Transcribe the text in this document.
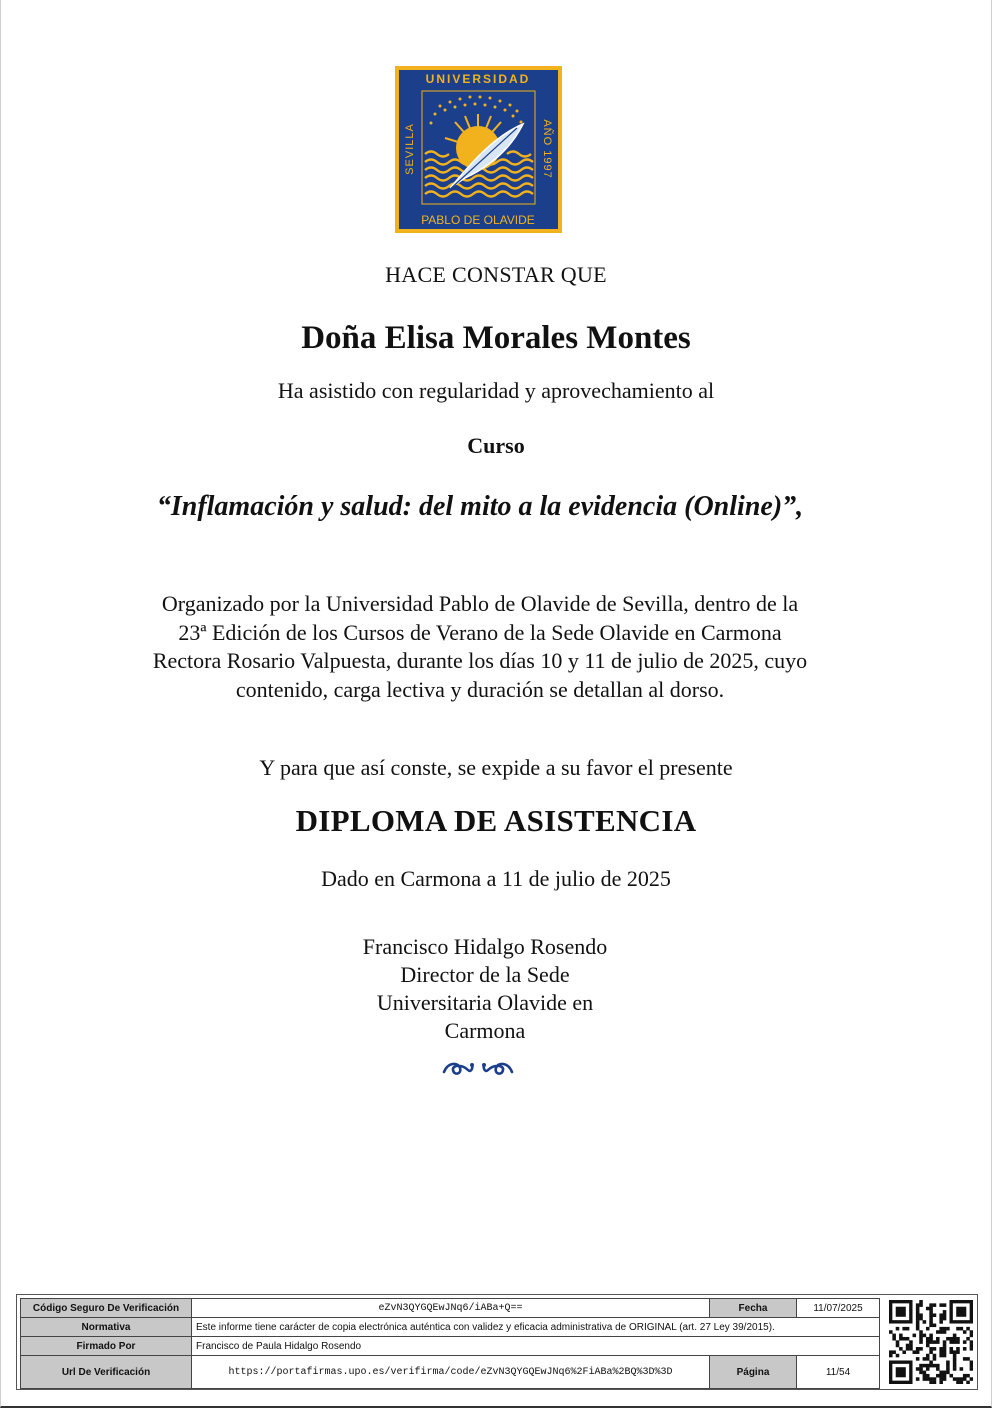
UNIVERSIDAD
PABLO DE OLAVIDE
SEVILLA	AÑO 1997
HACE CONSTAR QUE
Doña Elisa Morales Montes
Ha asistido con regularidad y aprovechamiento al
Curso
“Inflamación y salud: del mito a la evidencia (Online)”,
Organizado por la Universidad Pablo de Olavide de Sevilla, dentro de la 23ª Edición de los Cursos de Verano de la Sede Olavide en Carmona Rectora Rosario Valpuesta, durante los días 10 y 11 de julio de 2025, cuyo contenido, carga lectiva y duración se detallan al dorso.
Y para que así conste, se expide a su favor el presente
DIPLOMA DE ASISTENCIA
Dado en Carmona a 11 de julio de 2025
Francisco Hidalgo Rosendo
Director de la Sede
Universitaria Olavide en
Carmona
Código Seguro De Verificación	eZvN3QYGQEwJNq6/iABa+Q==	Fecha	11/07/2025
Normativa	Este informe tiene carácter de copia electrónica auténtica con validez y eficacia administrativa de ORIGINAL (art. 27 Ley 39/2015).		
Firmado Por	Francisco de Paula Hidalgo Rosendo		
Url De Verificación	https://portafirmas.upo.es/verifirma/code/eZvN3QYGQEwJNq6%2FiABa%2BQ%3D%3D	Página	11/54
